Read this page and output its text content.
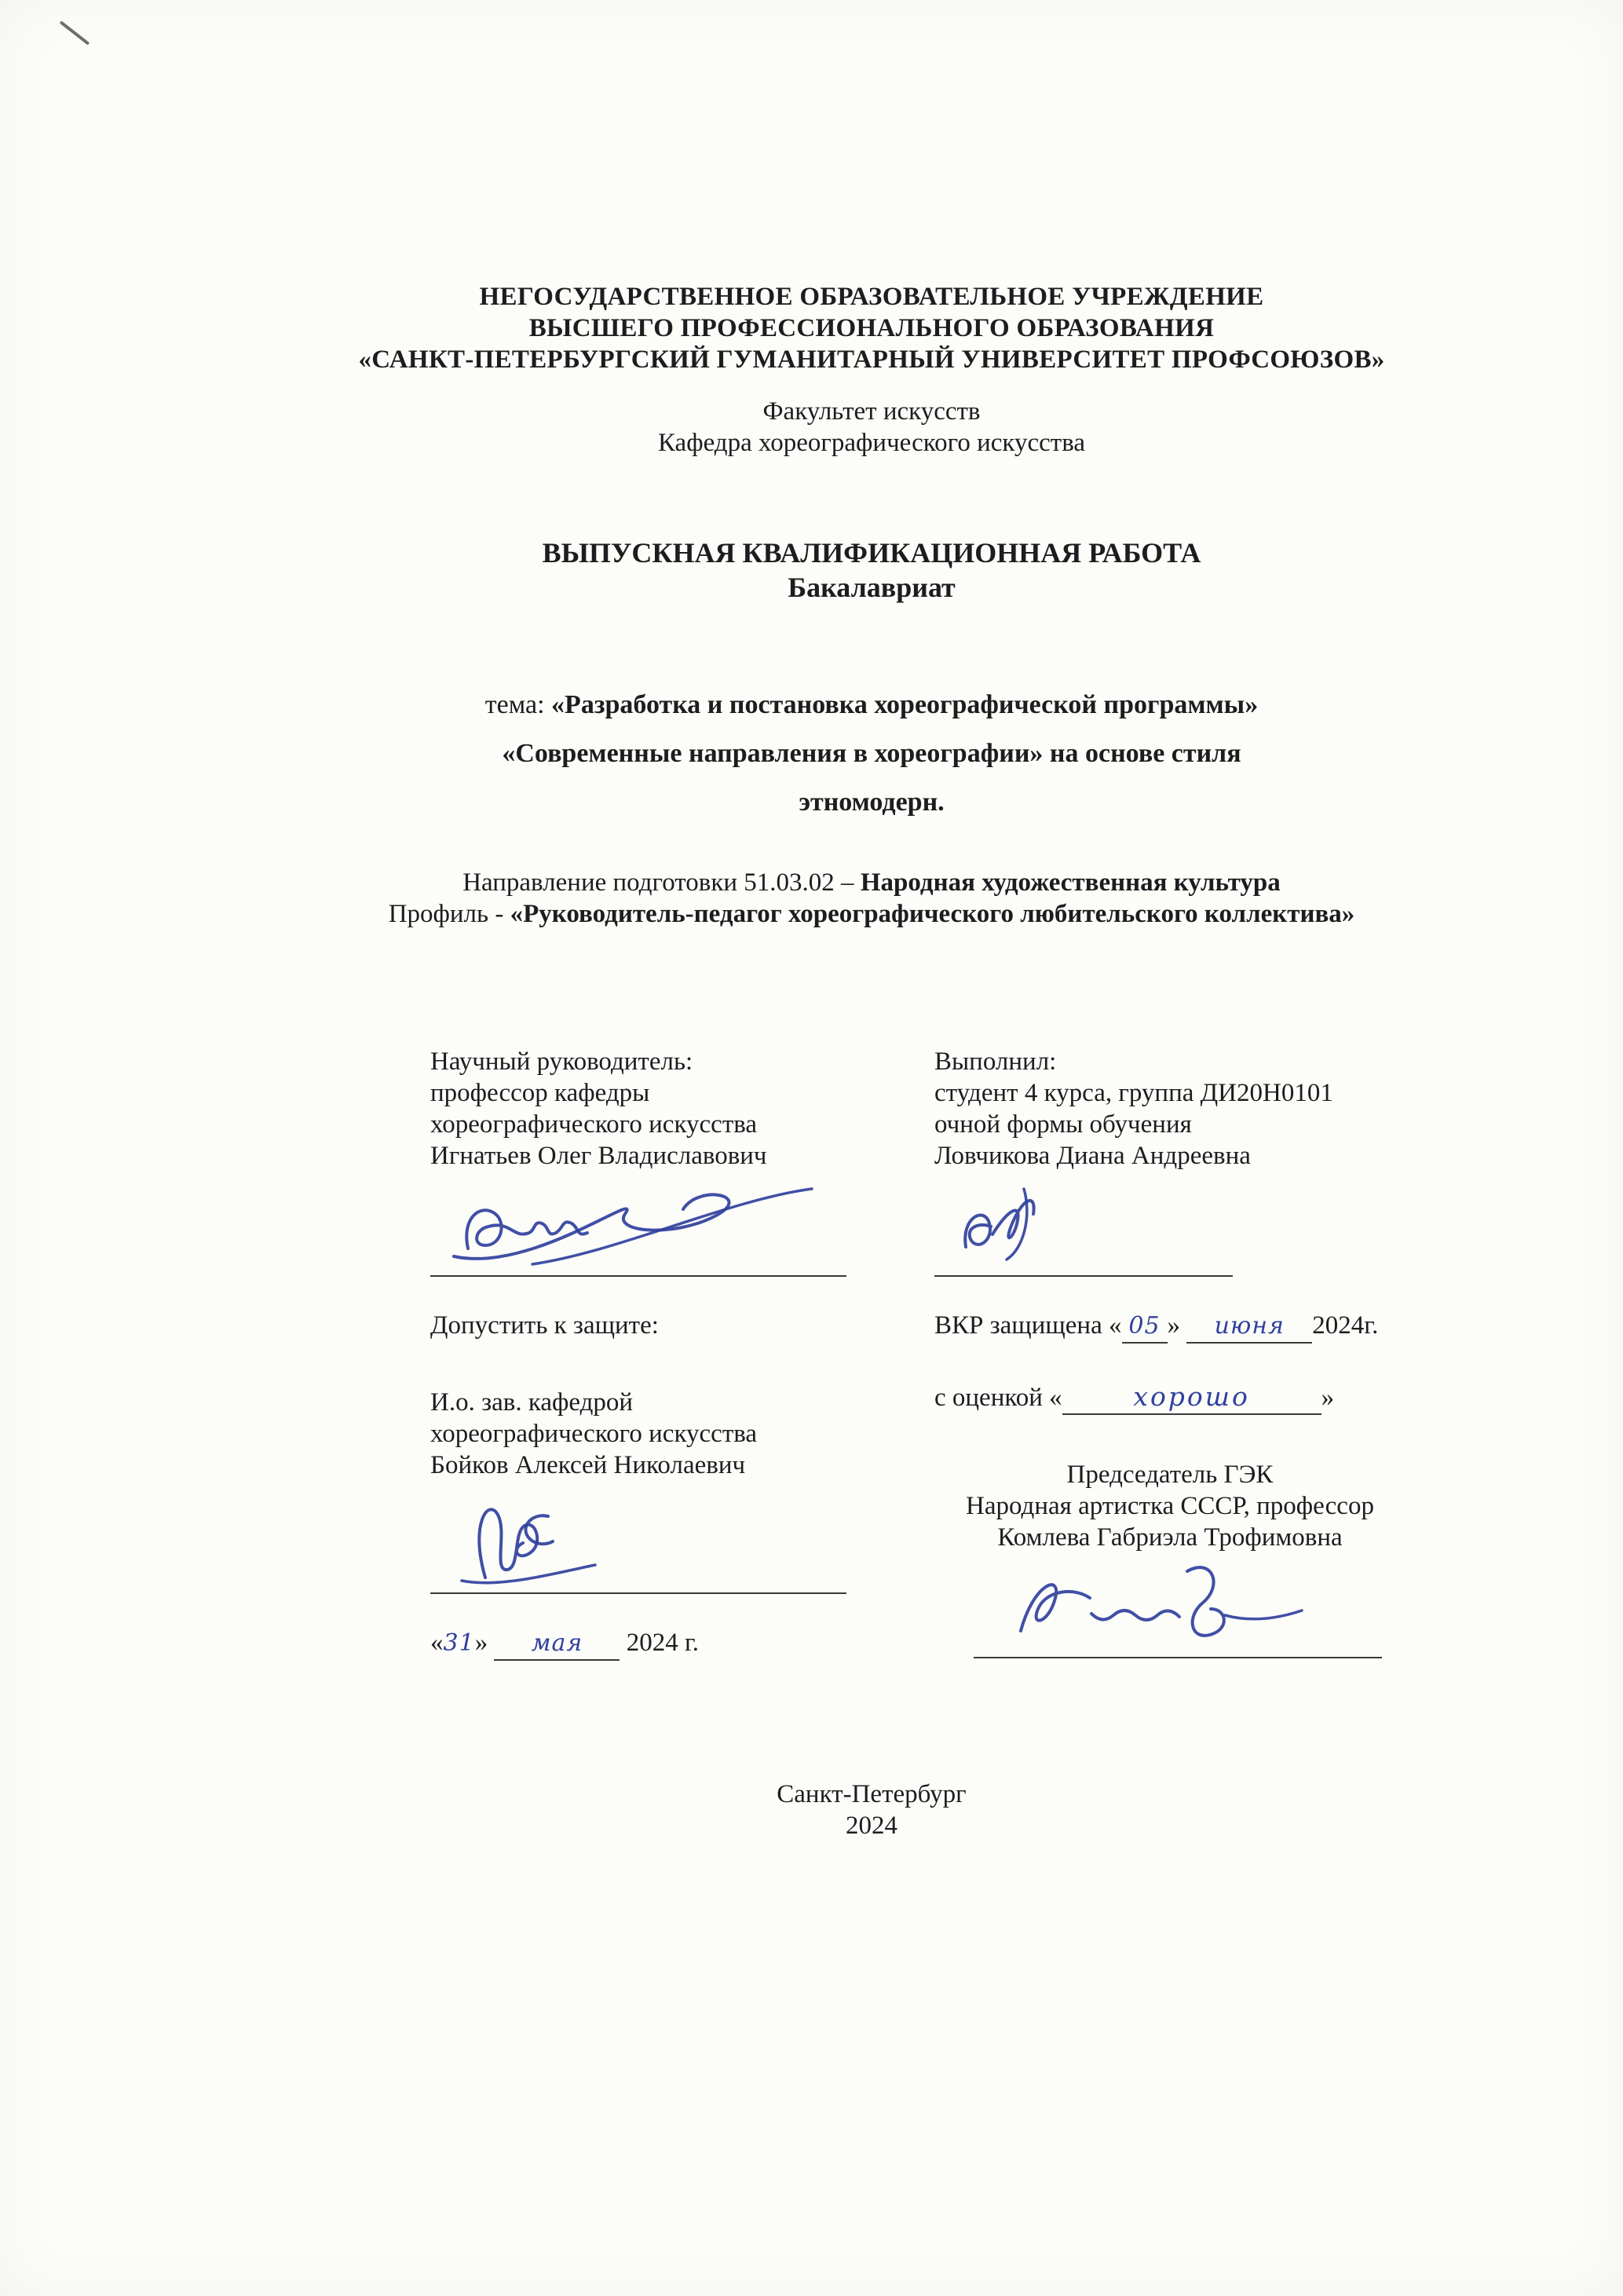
НЕГОСУДАРСТВЕННОЕ ОБРАЗОВАТЕЛЬНОЕ УЧРЕЖДЕНИЕ
ВЫСШЕГО ПРОФЕССИОНАЛЬНОГО ОБРАЗОВАНИЯ
«САНКТ-ПЕТЕРБУРГСКИЙ ГУМАНИТАРНЫЙ УНИВЕРСИТЕТ ПРОФСОЮЗОВ»
Факультет искусств
Кафедра хореографического искусства
ВЫПУСКНАЯ КВАЛИФИКАЦИОННАЯ РАБОТА
Бакалавриат
тема: «Разработка и постановка хореографической программы»
«Современные направления в хореографии» на основе стиля
этномодерн.
Направление подготовки 51.03.02 – Народная художественная культура
Профиль - «Руководитель-педагог хореографического любительского коллектива»
Научный руководитель:
профессор кафедры
хореографического искусства
Игнатьев Олег Владиславович
Допустить к защите:
И.о. зав. кафедрой
хореографического искусства
Бойков Алексей Николаевич
«31» мая 2024 г.
Выполнил:
студент 4 курса, группа ДИ20Н0101
очной формы обучения
Ловчикова Диана Андреевна
ВКР защищена « 05 » июня 2024г.
с оценкой «	хорошо	»
Председатель ГЭК
Народная артистка СССР, профессор
Комлева Габриэла Трофимовна
Санкт-Петербург
2024
